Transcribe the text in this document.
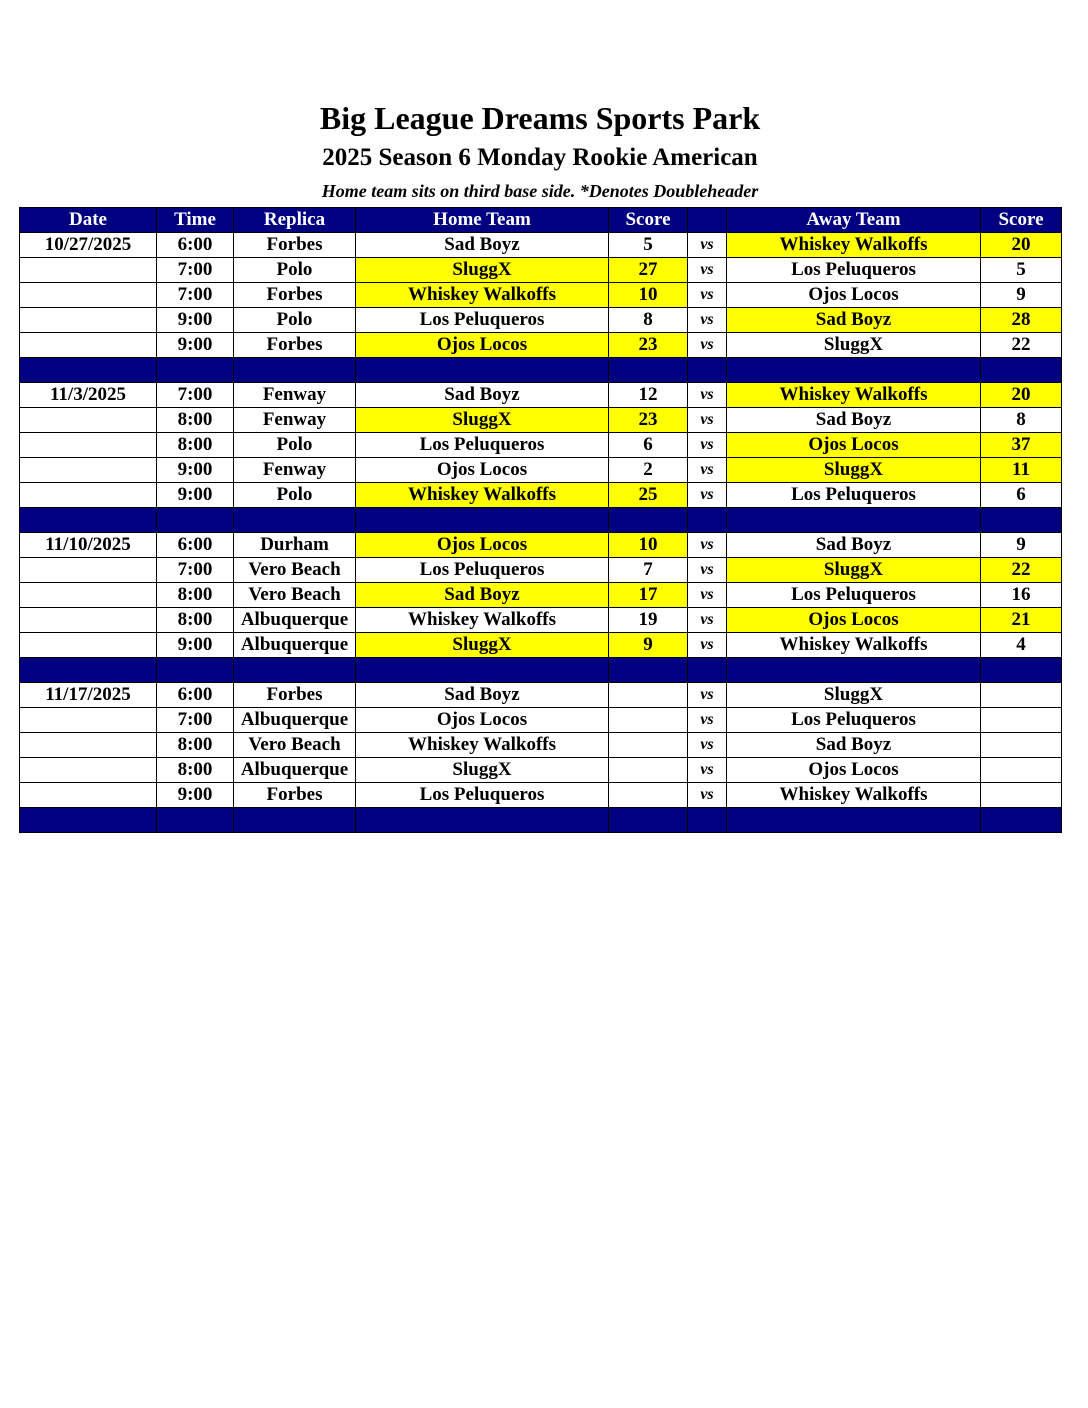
Big League Dreams Sports Park
2025 Season 6 Monday Rookie American
Home team sits on third base side. *Denotes Doubleheader
Date	Time	Replica	Home Team	Score		Away Team	Score
10/27/2025	6:00	Forbes	Sad Boyz	5	vs	Whiskey Walkoffs	20
	7:00	Polo	SluggX	27	vs	Los Peluqueros	5
	7:00	Forbes	Whiskey Walkoffs	10	vs	Ojos Locos	9
	9:00	Polo	Los Peluqueros	8	vs	Sad Boyz	28
	9:00	Forbes	Ojos Locos	23	vs	SluggX	22

11/3/2025	7:00	Fenway	Sad Boyz	12	vs	Whiskey Walkoffs	20
	8:00	Fenway	SluggX	23	vs	Sad Boyz	8
	8:00	Polo	Los Peluqueros	6	vs	Ojos Locos	37
	9:00	Fenway	Ojos Locos	2	vs	SluggX	11
	9:00	Polo	Whiskey Walkoffs	25	vs	Los Peluqueros	6

11/10/2025	6:00	Durham	Ojos Locos	10	vs	Sad Boyz	9
	7:00	Vero Beach	Los Peluqueros	7	vs	SluggX	22
	8:00	Vero Beach	Sad Boyz	17	vs	Los Peluqueros	16
	8:00	Albuquerque	Whiskey Walkoffs	19	vs	Ojos Locos	21
	9:00	Albuquerque	SluggX	9	vs	Whiskey Walkoffs	4

11/17/2025	6:00	Forbes	Sad Boyz		vs	SluggX	
	7:00	Albuquerque	Ojos Locos		vs	Los Peluqueros	
	8:00	Vero Beach	Whiskey Walkoffs		vs	Sad Boyz	
	8:00	Albuquerque	SluggX		vs	Ojos Locos	
	9:00	Forbes	Los Peluqueros		vs	Whiskey Walkoffs	
